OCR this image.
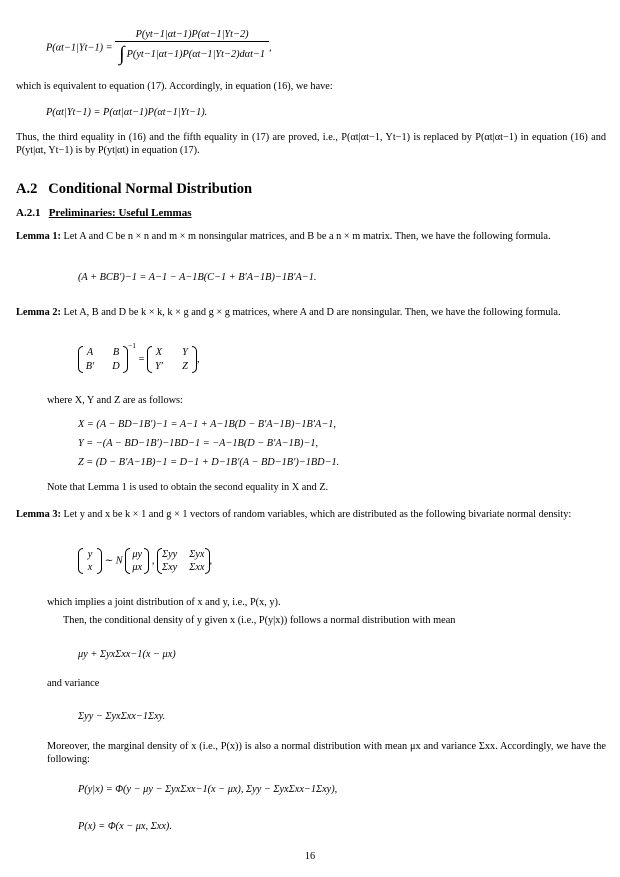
$P(\alpha t-1|Yt-1) = \frac{P(yt-1|\alpha t-1)P(\alpha t-1|Yt-2)}{\text{∫ P(yt−1|αt−1)P(αt−1|Yt−2)dαt−1}}$ ,
which is equivalent to equation (17). Accordingly, in equation (16), we have:
P(αt|Yt−1) = P(αt|αt−1)P(αt−1|Yt−1).
Thus, the third equality in (16) and the fifth equality in (17) are proved, i.e., P(αt|αt−1, Yt−1) is replaced by P(αt|αt−1) in equation (16) and P(yt|αt, Yt−1) is by P(yt|αt) in equation (17).
A.2 Conditional Normal Distribution
A.2.1 Preliminaries: Useful Lemmas
Lemma 1: Let A and C be n × n and m × m nonsingular matrices, and B be a n × m matrix. Then, we have the following formula.
(A + BCB′)−1 = A−1 − A−1B(C−1 + B′A−1B)−1B′A−1.
Lemma 2: Let A, B and D be k × k, k × g and g × g matrices, where A and D are nonsingular. Then, we have the following formula.
A	B
B′	D
$^{-1}$ =
X	Y
Y′	Z
,
where X, Y and Z are as follows:
X = (A − BD−1B′)−1 = A−1 + A−1B(D − B′A−1B)−1B′A−1,
Y = −(A − BD−1B′)−1BD−1 = −A−1B(D − B′A−1B)−1,
Z = (D − B′A−1B)−1 = D−1 + D−1B′(A − BD−1B′)−1BD−1.
Note that Lemma 1 is used to obtain the second equality in X and Z.
Lemma 3: Let y and x be k × 1 and g × 1 vectors of random variables, which are distributed as the following bivariate normal density:
y
x
∼ N
μy
μx
,
Σyy Σyx
Σxy Σxx
,
which implies a joint distribution of x and y, i.e., P(x, y).
Then, the conditional density of y given x (i.e., P(y|x)) follows a normal distribution with mean
μy + ΣyxΣxx−1(x − μx)
and variance
Σyy − ΣyxΣxx−1Σxy.
Moreover, the marginal density of x (i.e., P(x)) is also a normal distribution with mean μx and variance Σxx. Accordingly, we have the following:
P(y|x) = Φ(y − μy − ΣyxΣxx−1(x − μx), Σyy − ΣyxΣxx−1Σxy),
P(x) = Φ(x − μx, Σxx).
16
